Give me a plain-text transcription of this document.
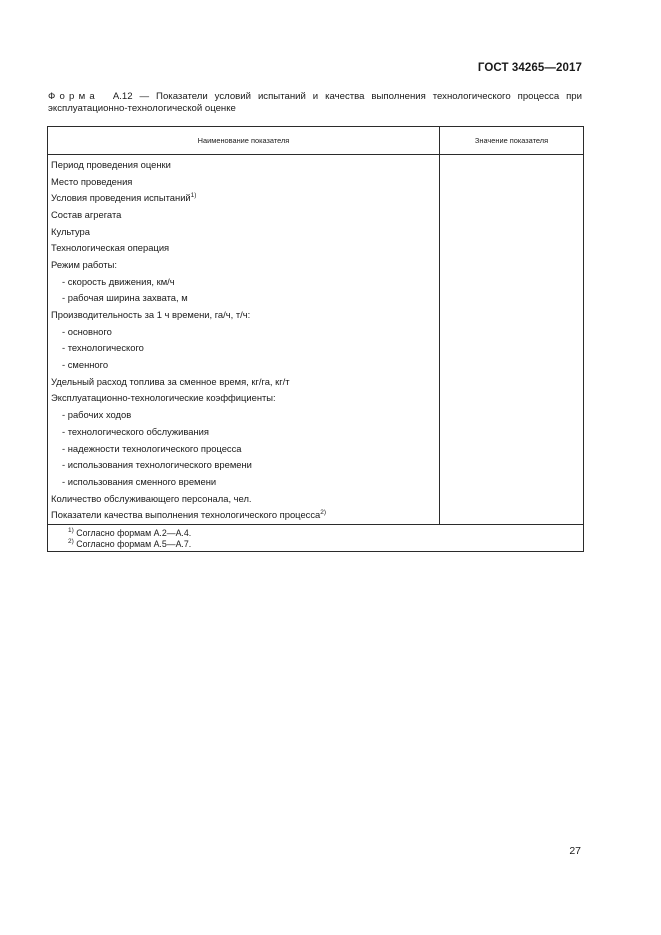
ГОСТ 34265—2017
Форма А.12 — Показатели условий испытаний и качества выполнения технологического процесса при эксплуатационно-технологической оценке
Наименование показателя	Значение показателя
Период проведения оценки	
Место проведения	
Условия проведения испытаний$^{1)}$	
Состав агрегата	
Культура	
Технологическая операция	
Режим работы:	
- скорость движения, км/ч	
- рабочая ширина захвата, м	
Производительность за 1 ч времени, га/ч, т/ч:	
- основного	
- технологического	
- сменного	
Удельный расход топлива за сменное время, кг/га, кг/т	
Эксплуатационно-технологические коэффициенты:	
- рабочих ходов	
- технологического обслуживания	
- надежности технологического процесса	
- использования технологического времени	
- использования сменного времени	
Количество обслуживающего персонала, чел.	
Показатели качества выполнения технологического процесса$^{2)}$	

$^{1)}$ Согласно формам А.2—А.4.
$^{2)}$ Согласно формам А.5—А.7.	
27
